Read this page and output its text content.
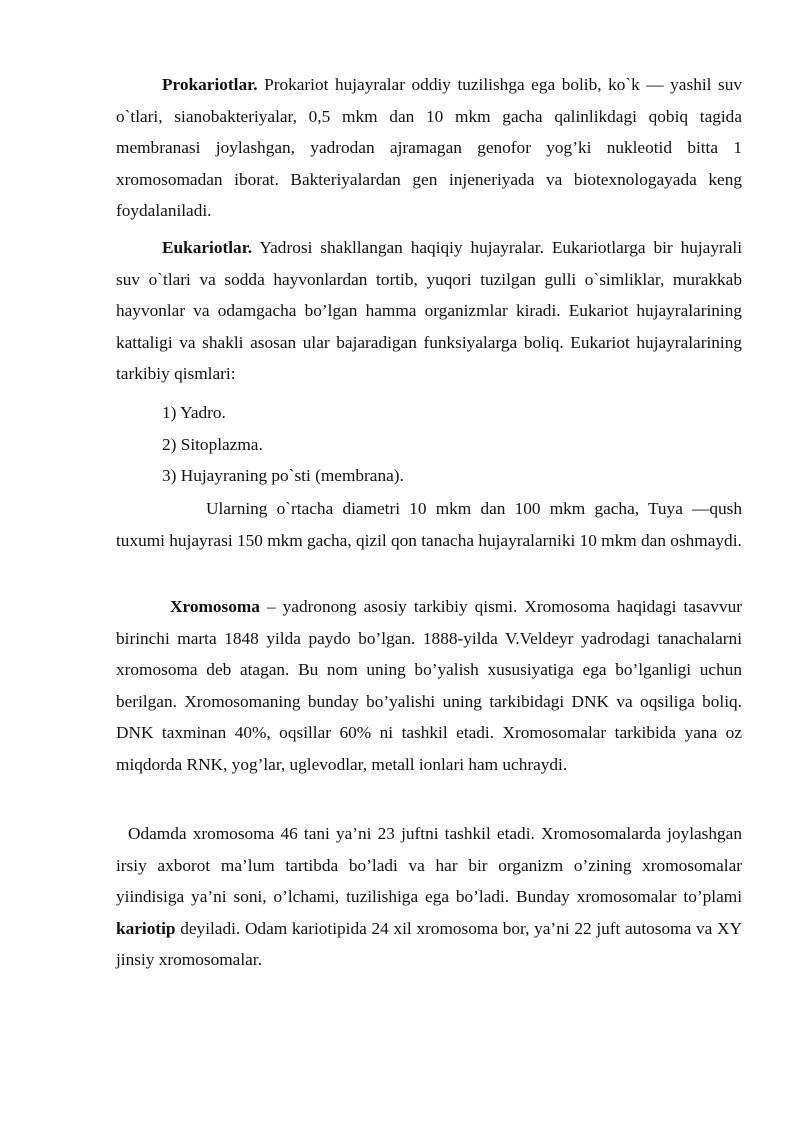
Prokariotlar. Prokariot hujayralar oddiy tuzilishga ega bolib, ko`k — yashil suv o`tlari, sianobakteriyalar, 0,5 mkm dan 10 mkm gacha qalinlikdagi qobiq tagida membranasi joylashgan, yadrodan ajramagan genofor yog’ki nukleotid bitta 1 xromosomadan iborat. Bakteriyalardan gen injeneriyada va biotexnologayada keng foydalaniladi.

Eukariotlar. Yadrosi shakllangan haqiqiy hujayralar. Eukariotlarga bir hujayrali suv o`tlari va sodda hayvonlardan tortib, yuqori tuzilgan gulli o`simliklar, murakkab hayvonlar va odamgacha bo’lgan hamma organizmlar kiradi. Eukariot hujayralarining kattaligi va shakli asosan ular bajaradigan funksiyalarga boliq. Eukariot hujayralarining tarkibiy qismlari:

1) Yadro.
2) Sitoplazma.
3) Hujayraning po`sti (membrana).

Ularning o`rtacha diametri 10 mkm dan 100 mkm gacha, Tuya —qush tuxumi hujayrasi 150 mkm gacha, qizil qon tanacha hujayralarniki 10 mkm dan oshmaydi.

Xromosoma – yadronong asosiy tarkibiy qismi. Xromosoma haqidagi tasavvur birinchi marta 1848 yilda paydo bo’lgan. 1888-yilda V.Veldeyr yadrodagi tanachalarni xromosoma deb atagan. Bu nom uning bo’yalish xususiyatiga ega bo’lganligi uchun berilgan. Xromosomaning bunday bo’yalishi uning tarkibidagi DNK va oqsiliga boliq. DNK taxminan 40%, oqsillar 60% ni tashkil etadi. Xromosomalar tarkibida yana oz miqdorda RNK, yog’lar, uglevodlar, metall ionlari ham uchraydi.

Odamda xromosoma 46 tani ya’ni 23 juftni tashkil etadi. Xromosomalarda joylashgan irsiy axborot ma’lum tartibda bo’ladi va har bir organizm o’zining xromosomalar yiindisiga ya’ni soni, o’lchami, tuzilishiga ega bo’ladi. Bunday xromosomalar to’plami kariotip deyiladi. Odam kariotipida 24 xil xromosoma bor, ya’ni 22 juft autosoma va XY jinsiy xromosomalar.
